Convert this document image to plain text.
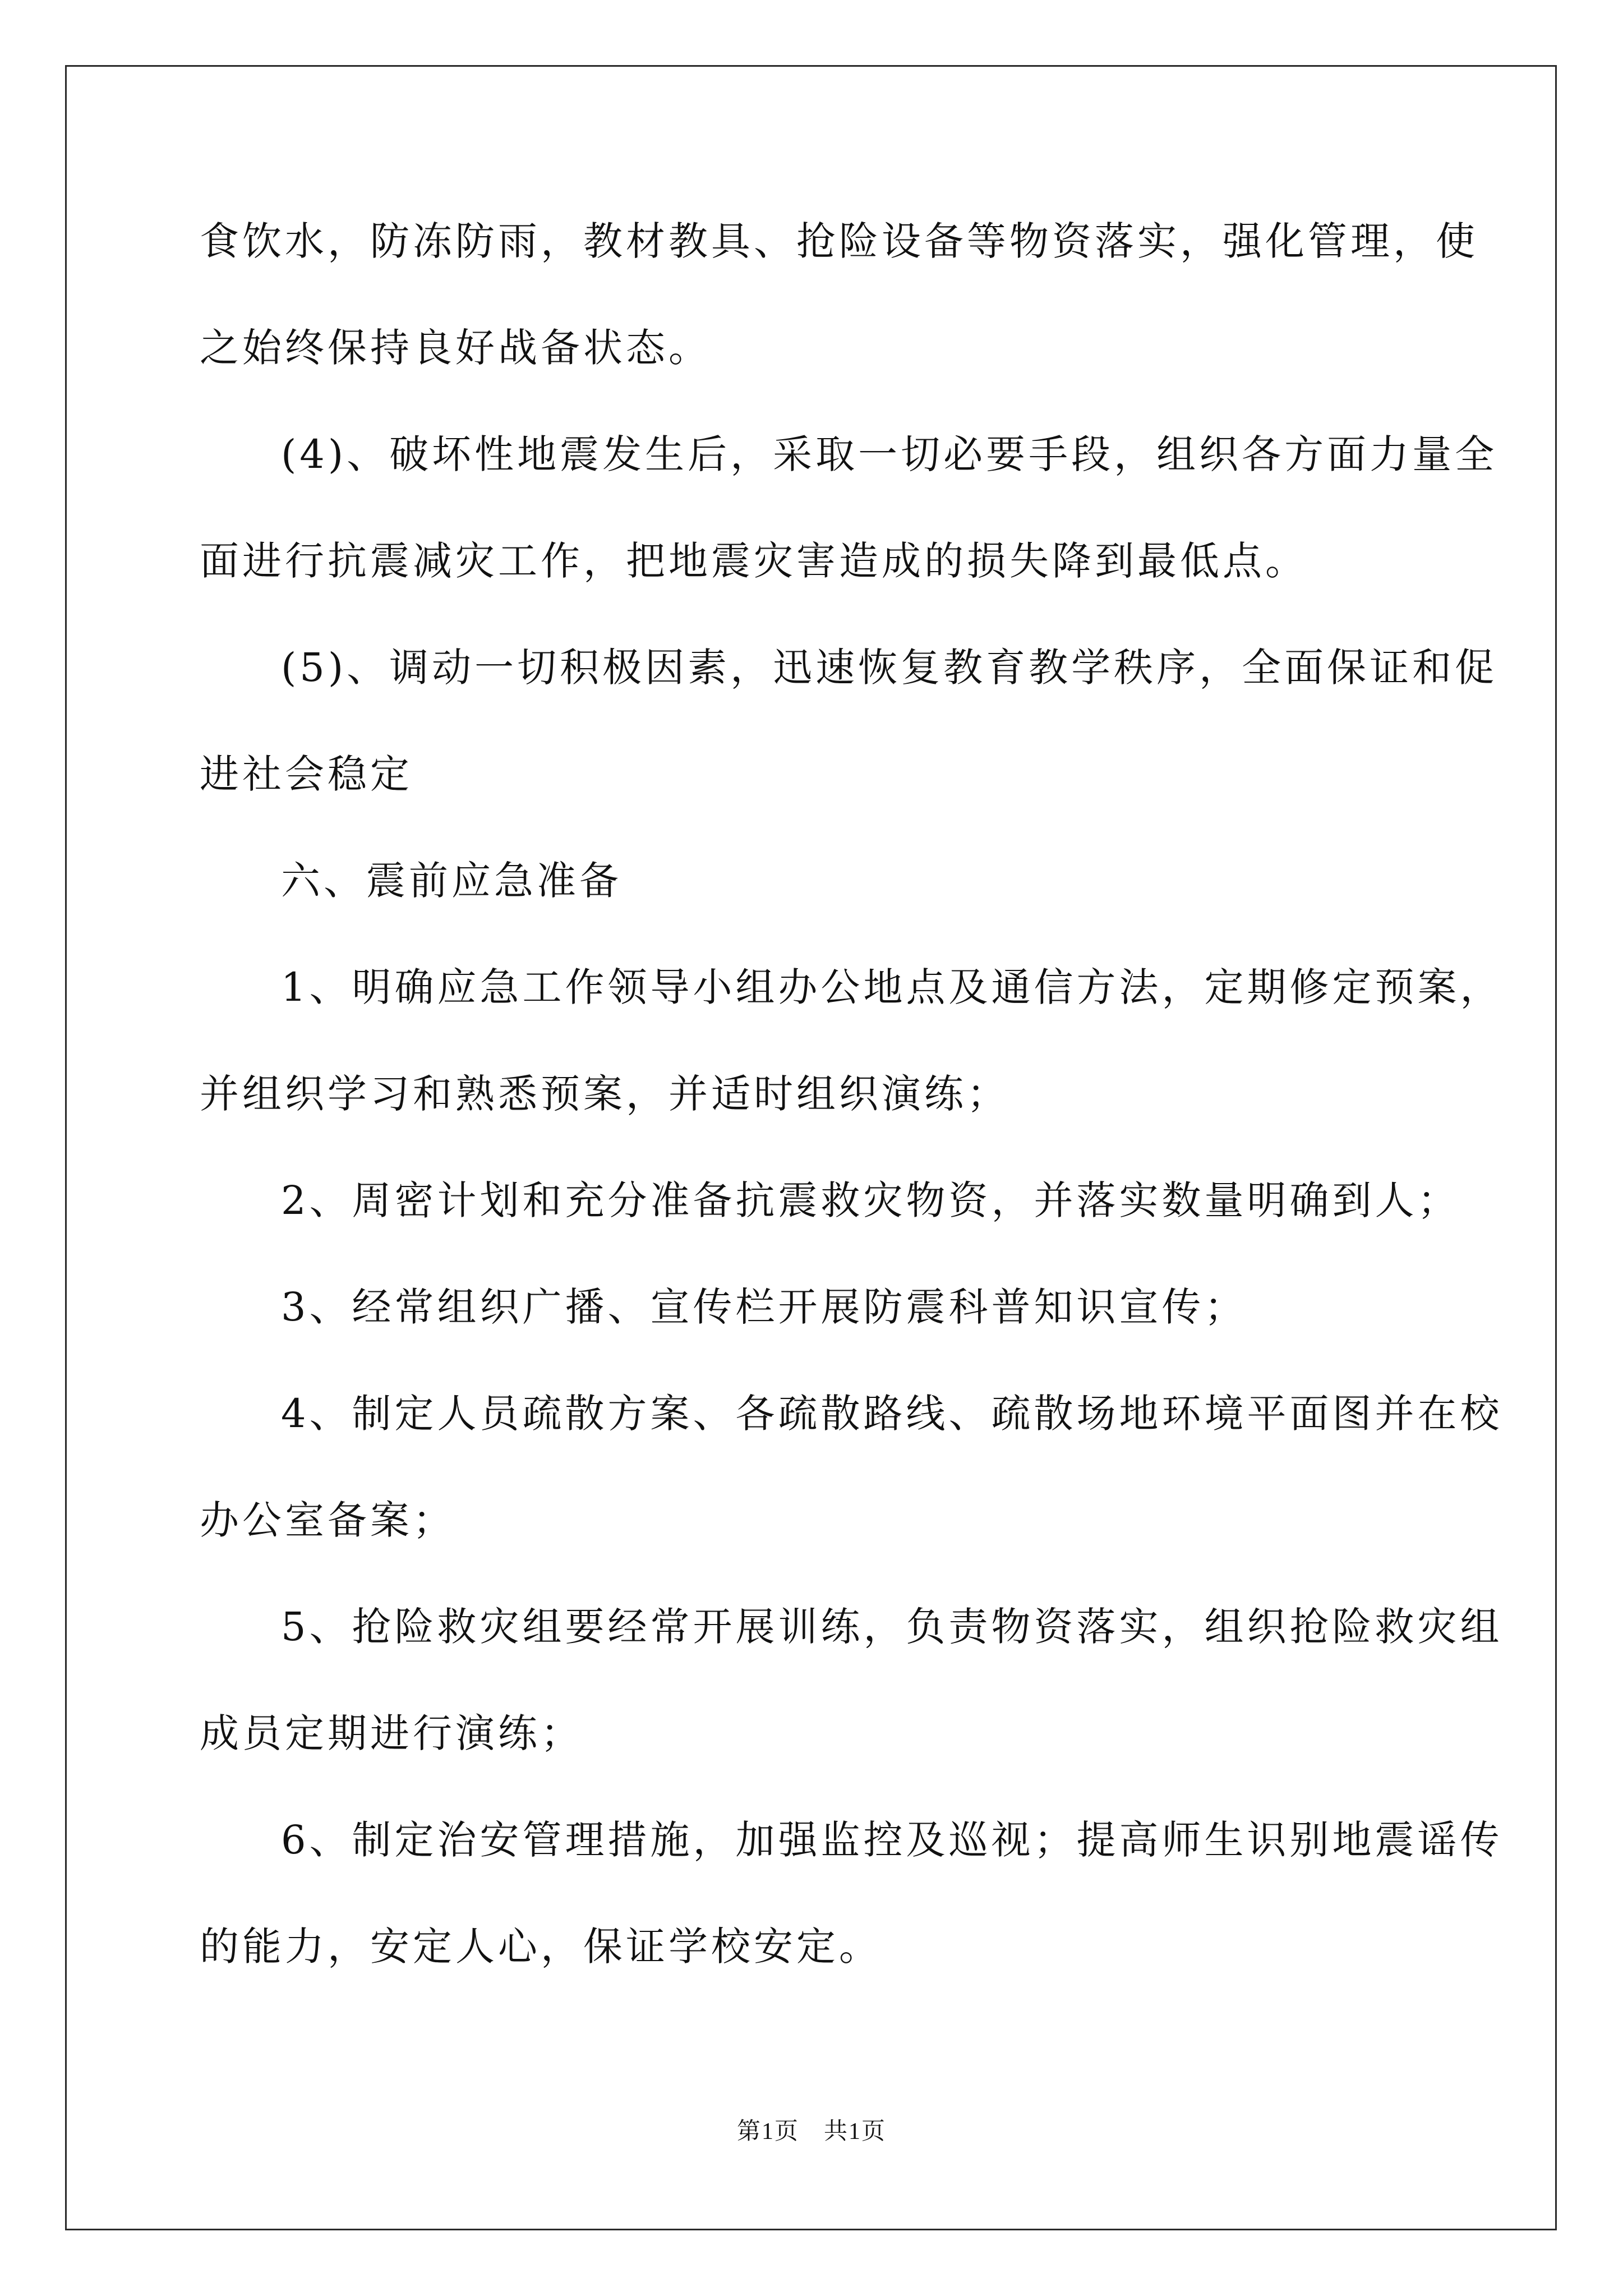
食饮水，防冻防雨，教材教具、抢险设备等物资落实，强化管理，使
之始终保持良好战备状态。
(4)、破坏性地震发生后，采取一切必要手段，组织各方面力量全
面进行抗震减灾工作，把地震灾害造成的损失降到最低点。
(5)、调动一切积极因素，迅速恢复教育教学秩序，全面保证和促
进社会稳定
六、震前应急准备
1、明确应急工作领导小组办公地点及通信方法，定期修定预案，
并组织学习和熟悉预案，并适时组织演练；
2、周密计划和充分准备抗震救灾物资，并落实数量明确到人；
3、经常组织广播、宣传栏开展防震科普知识宣传；
4、制定人员疏散方案、各疏散路线、疏散场地环境平面图并在校
办公室备案；
5、抢险救灾组要经常开展训练，负责物资落实，组织抢险救灾组
成员定期进行演练；
6、制定治安管理措施，加强监控及巡视；提高师生识别地震谣传
的能力，安定人心，保证学校安定。
第1页 共1页
